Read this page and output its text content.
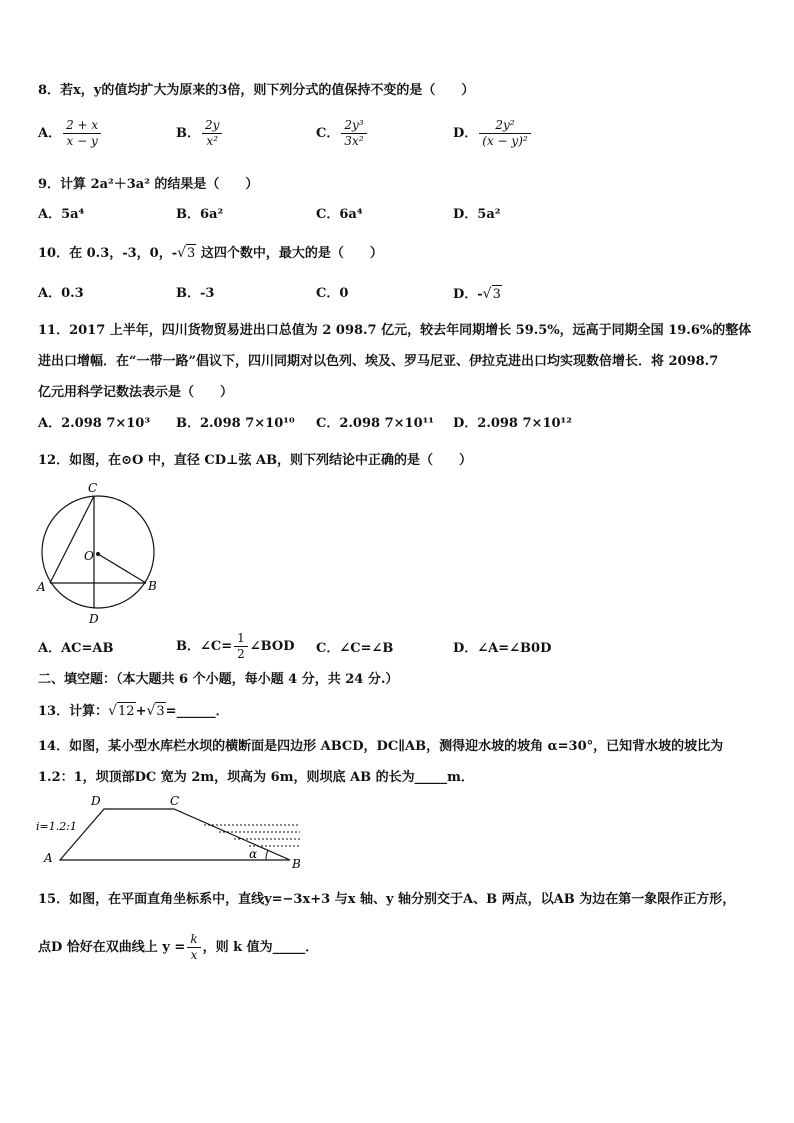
8．若x，y的值均扩大为原来的3倍，则下列分式的值保持不变的是（　　）
A． $\frac{2 + x}{x - y}$	B． $\frac{2y}{\text{x²}}$	C． $\frac{\text{2y³}}{\text{3x²}}$	D． $\frac{\text{2y²}}{\text{(x − y)²}}$
9．计算 2a²＋3a² 的结果是（　　）
A．5a⁴	B．6a²	C．6a⁴	D．5a²
10．在 0.3，-3，0，-√3 这四个数中，最大的是（　　）
A．0.3	B．-3	C．0	D．-√3
11．2017 上半年，四川货物贸易进出口总值为 2 098.7 亿元，较去年同期增长 59.5%，远高于同期全国 19.6%的整体
进出口增幅．在“一带一路”倡议下，四川同期对以色列、埃及、罗马尼亚、伊拉克进出口均实现数倍增长．将 2098.7
亿元用科学记数法表示是（　　）
A．2.098 7×10³ B．2.098 7×10¹⁰ C．2.098 7×10¹¹ D．2.098 7×10¹²
12．如图，在⊙O 中，直径 CD⊥弦 AB，则下列结论中正确的是（　　）
C
O
A	B
D
A．AC=AB	B．∠C= $\frac{1}{2}$ ∠BOD C．∠C=∠B	D．∠A=∠B0D
二、填空题：（本大题共 6 个小题，每小题 4 分，共 24 分.）
13．计算：√12+√3=______．
14．如图，某小型水库栏水坝的横断面是四边形 ABCD，DC∥AB，测得迎水坡的坡角 α=30°，已知背水坡的坡比为
1.2：1，坝顶部DC 宽为 2m，坝高为 6m，则坝底 AB 的长为_____m．
D	C
i=1.2:1
A	B
α
15．如图，在平面直角坐标系中，直线y=−3x+3 与x 轴、y 轴分别交于A、B 两点，以AB 为边在第一象限作正方形，
点D 恰好在双曲线上 $y = \frac{k}{x}$ ，则 k 值为_____．
